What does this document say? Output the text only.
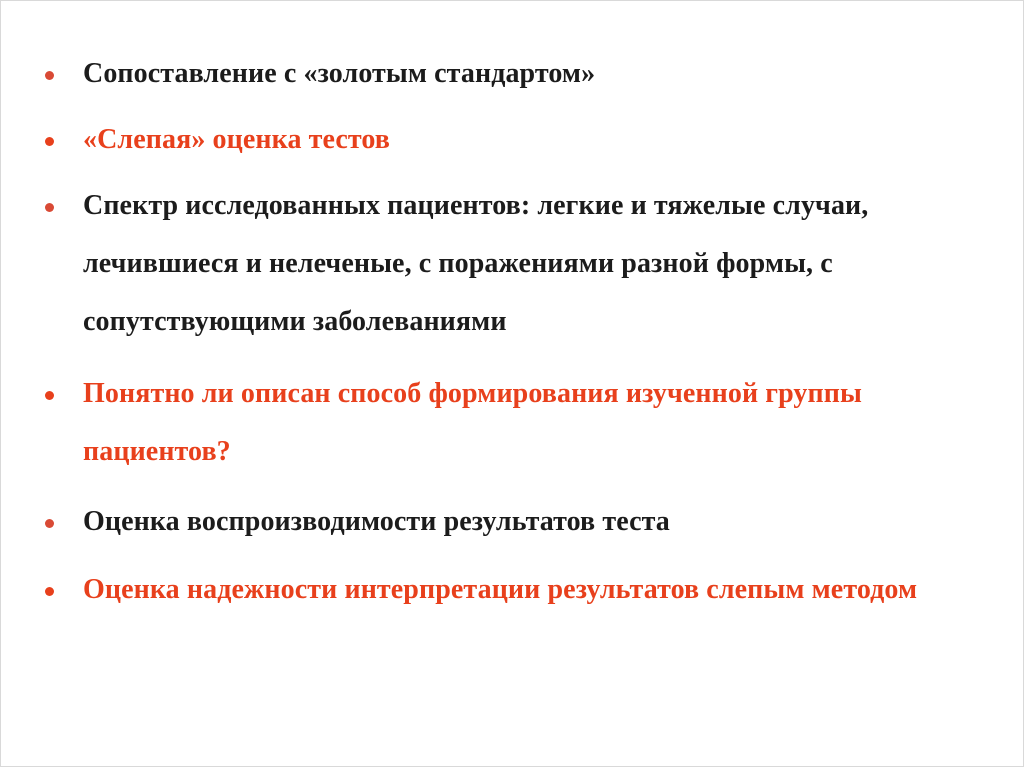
Сопоставление с «золотым стандартом»
«Слепая» оценка тестов
Спектр исследованных пациентов: легкие и тяжелые случаи, лечившиеся и нелеченые, с поражениями разной формы, с сопутствующими заболеваниями
Понятно ли описан способ формирования изученной группы пациентов?
Оценка воспроизводимости результатов теста
Оценка надежности интерпретации результатов слепым методом
